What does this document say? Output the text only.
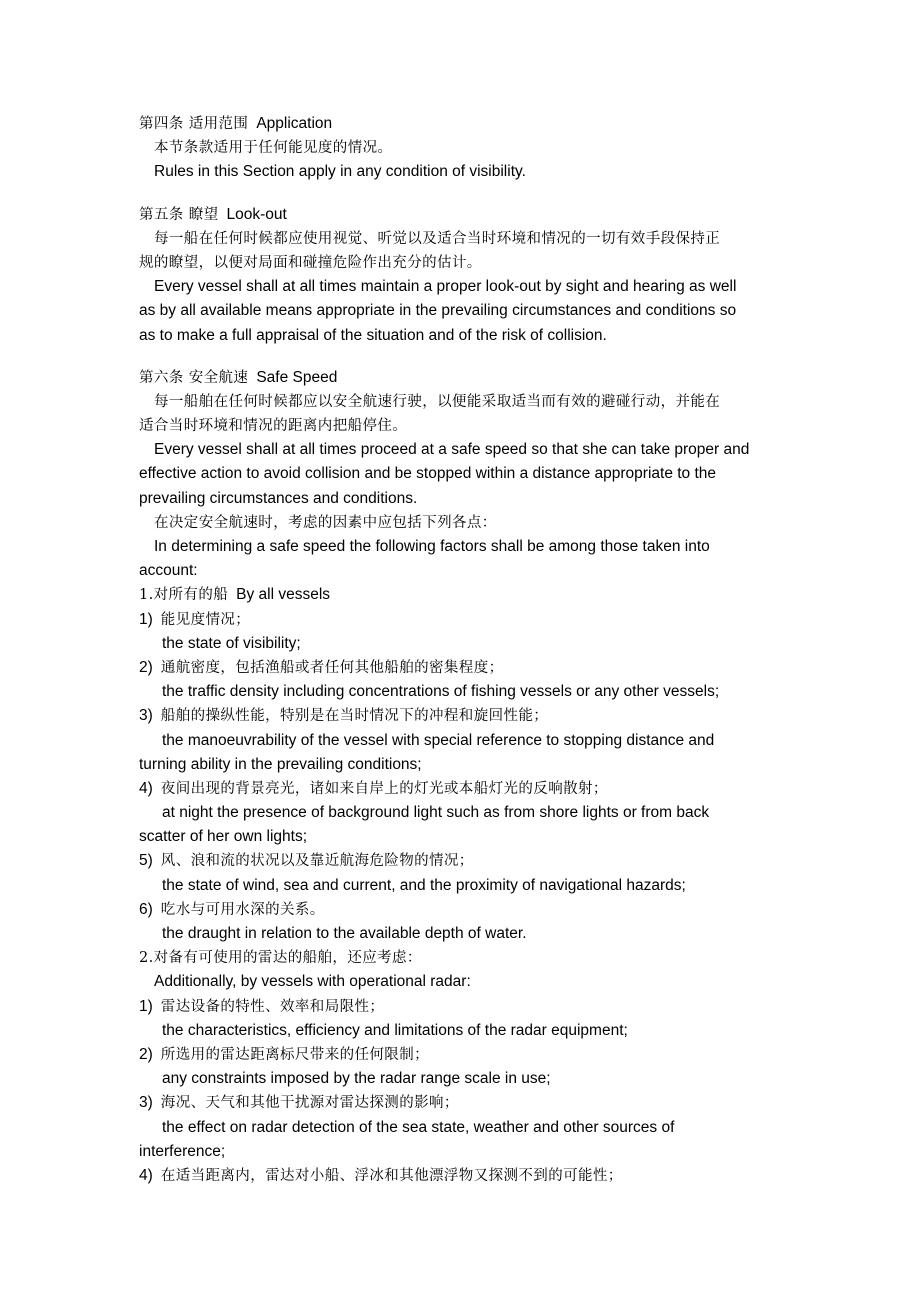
第四条 适用范围 Application
本节条款适用于任何能见度的情况。
Rules in this Section apply in any condition of visibility.
第五条 瞭望 Look-out
每一船在任何时候都应使用视觉、听觉以及适合当时环境和情况的一切有效手段保持正
规的瞭望，以便对局面和碰撞危险作出充分的估计。
Every vessel shall at all times maintain a proper look-out by sight and hearing as well
as by all available means appropriate in the prevailing circumstances and conditions so
as to make a full appraisal of the situation and of the risk of collision.
第六条 安全航速 Safe Speed
每一船舶在任何时候都应以安全航速行驶，以便能采取适当而有效的避碰行动，并能在
适合当时环境和情况的距离内把船停住。
Every vessel shall at all times proceed at a safe speed so that she can take proper and
effective action to avoid collision and be stopped within a distance appropriate to the
prevailing circumstances and conditions.
在决定安全航速时，考虑的因素中应包括下列各点：
In determining a safe speed the following factors shall be among those taken into
account:
1.对所有的船 By all vessels
1) 能见度情况；
the state of visibility;
2) 通航密度，包括渔船或者任何其他船舶的密集程度；
the traffic density including concentrations of fishing vessels or any other vessels;
3) 船舶的操纵性能，特别是在当时情况下的冲程和旋回性能；
the manoeuvrability of the vessel with special reference to stopping distance and
turning ability in the prevailing conditions;
4) 夜间出现的背景亮光，诸如来自岸上的灯光或本船灯光的反响散射；
at night the presence of background light such as from shore lights or from back
scatter of her own lights;
5) 风、浪和流的状况以及靠近航海危险物的情况；
the state of wind, sea and current, and the proximity of navigational hazards;
6) 吃水与可用水深的关系。
the draught in relation to the available depth of water.
2.对备有可使用的雷达的船舶，还应考虑：
Additionally, by vessels with operational radar:
1) 雷达设备的特性、效率和局限性；
the characteristics, efficiency and limitations of the radar equipment;
2) 所选用的雷达距离标尺带来的任何限制；
any constraints imposed by the radar range scale in use;
3) 海况、天气和其他干扰源对雷达探测的影响；
the effect on radar detection of the sea state, weather and other sources of
interference;
4) 在适当距离内，雷达对小船、浮冰和其他漂浮物又探测不到的可能性；
